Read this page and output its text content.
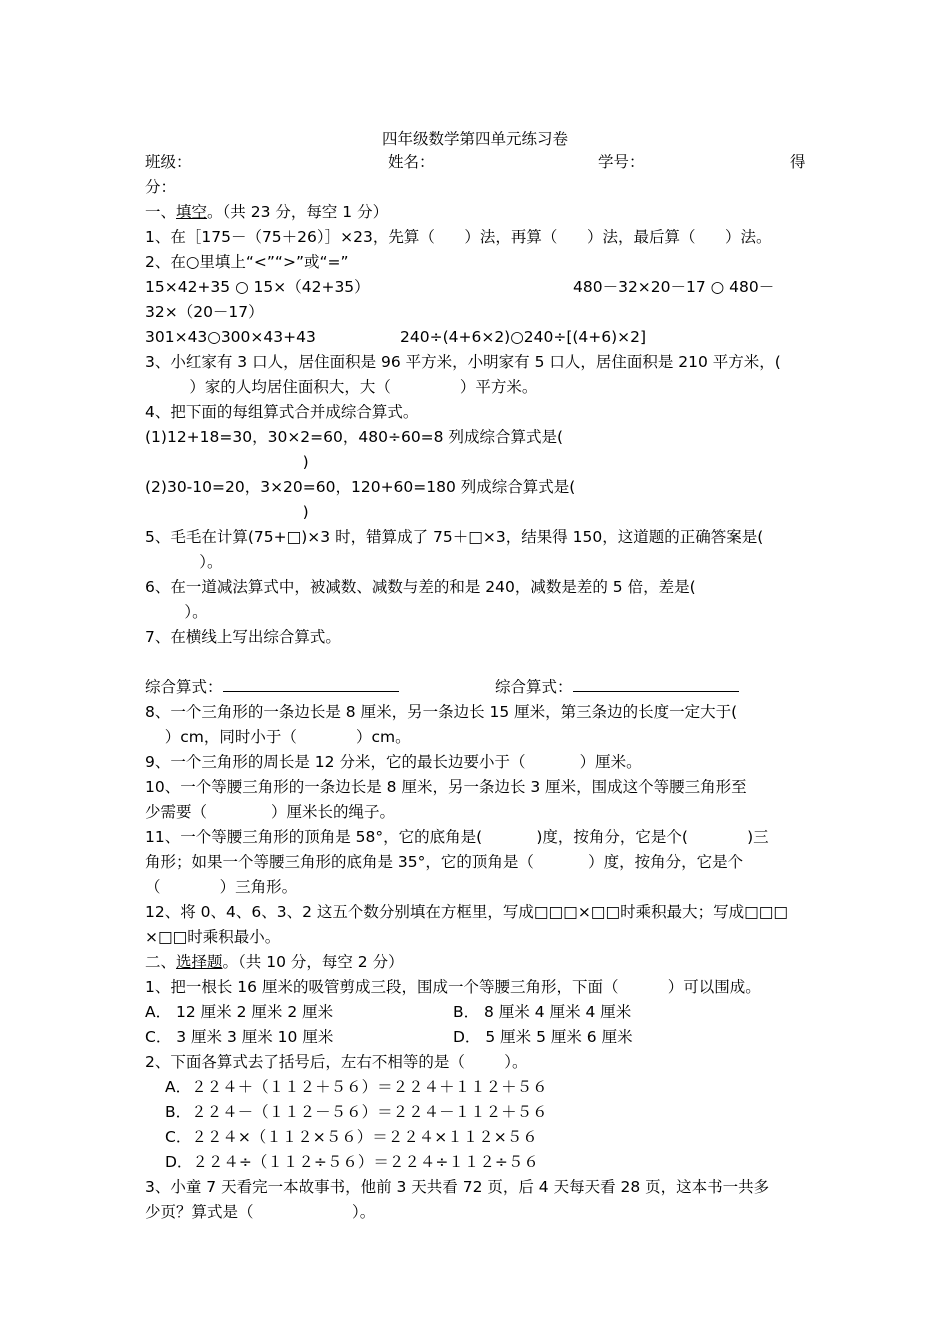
四年级数学第四单元练习卷
班级：	姓名：	学号：	得
分：
一、填空。（共 23 分，每空 1 分）
1、在［175－（75＋26）］×23，先算（      ）法，再算（      ）法，最后算（      ）法。
2、在○里填上“<”“>”或“=”
15×42+35 ○ 15×（42+35）	480－32×20－17 ○ 480－
32×（20－17）
301×43○300×43+43	240÷(4+6×2)○240÷[(4+6)×2]
3、小红家有 3 口人，居住面积是 96 平方米，小明家有 5 口人，居住面积是 210 平方米，(
）家的人均居住面积大，大（              ）平方米。
4、把下面的每组算式合并成综合算式。
(1)12+18=30，30×2=60，480÷60=8 列成综合算式是(
)
(2)30-10=20，3×20=60，120+60=180 列成综合算式是(
)
5、毛毛在计算(75+□)×3 时，错算成了 75＋□×3，结果得 150，这道题的正确答案是(
）。
6、在一道减法算式中，被减数、减数与差的和是 240，减数是差的 5 倍，差是(
）。
7、在横线上写出综合算式。
综合算式：	综合算式：
8、一个三角形的一条边长是 8 厘米，另一条边长 15 厘米，第三条边的长度一定大于(
）cm，同时小于（            ）cm。
9、一个三角形的周长是 12 分米，它的最长边要小于（           ）厘米。
10、一个等腰三角形的一条边长是 8 厘米，另一条边长 3 厘米，围成这个等腰三角形至
少需要（             ）厘米长的绳子。
11、一个等腰三角形的顶角是 58°，它的底角是(           )度，按角分，它是个(            )三
角形；如果一个等腰三角形的底角是 35°，它的顶角是（           ）度，按角分，它是个
（            ）三角形。
12、将 0、4、6、3、2 这五个数分别填在方框里，写成□□□×□□时乘积最大；写成□□□
×□□时乘积最小。
二、选择题。（共 10 分，每空 2 分）
1、把一根长 16 厘米的吸管剪成三段，围成一个等腰三角形，下面（          ）可以围成。
A． 12 厘米 2 厘米 2 厘米	B． 8 厘米 4 厘米 4 厘米
C． 3 厘米 3 厘米 10 厘米	D． 5 厘米 5 厘米 6 厘米
2、下面各算式去了括号后，左右不相等的是（        ）。
A．２２４＋（１１２＋５６）＝２２４＋１１２＋５６
B．２２４－（１１２－５６）＝２２４－１１２＋５６
C．２２４×（１１２×５６）＝２２４×１１２×５６
D．２２４÷（１１２÷５６）＝２２４÷１１２÷５６
3、小童 7 天看完一本故事书，他前 3 天共看 72 页，后 4 天每天看 28 页，这本书一共多
少页？算式是（                    ）。
